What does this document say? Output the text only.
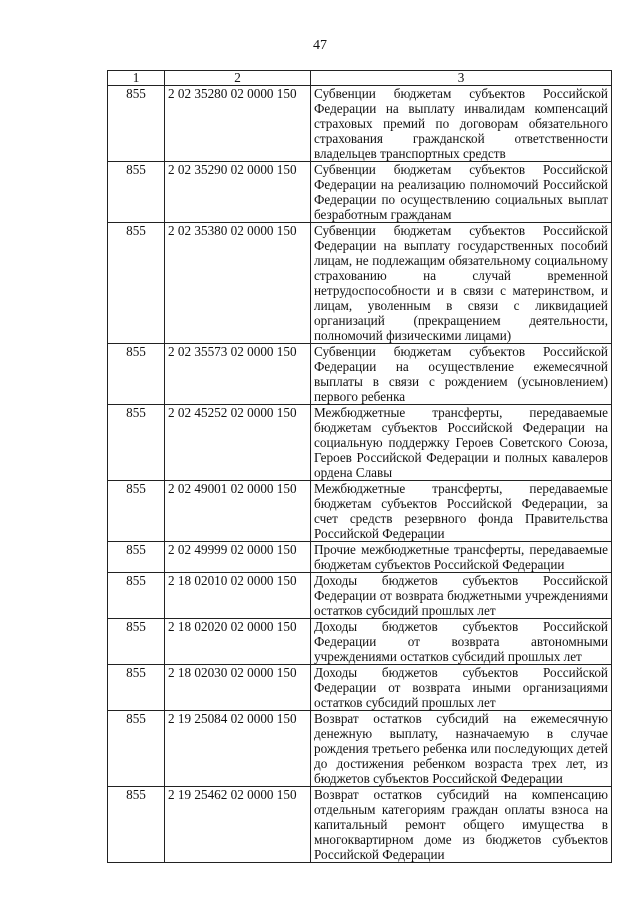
47
1	2	3
855	2 02 35280 02 0000 150	Субвенции бюджетам субъектов Российской Федерации на выплату инвалидам компенсаций страховых премий по договорам обязательного страхования гражданской ответственности владельцев транспортных средств
855	2 02 35290 02 0000 150	Субвенции бюджетам субъектов Российской Федерации на реализацию полномочий Российской Федерации по осуществлению социальных выплат безработным гражданам
855	2 02 35380 02 0000 150	Субвенции бюджетам субъектов Российской Федерации на выплату государственных пособий лицам, не подлежащим обязательному социальному страхованию на случай временной нетрудоспособности и в связи с материнством, и лицам, уволенным в связи с ликвидацией организаций (прекращением деятельности, полномочий физическими лицами)
855	2 02 35573 02 0000 150	Субвенции бюджетам субъектов Российской Федерации на осуществление ежемесячной выплаты в связи с рождением (усыновлением) первого ребенка
855	2 02 45252 02 0000 150	Межбюджетные трансферты, передаваемые бюджетам субъектов Российской Федерации на социальную поддержку Героев Советского Союза, Героев Российской Федерации и полных кавалеров ордена Славы
855	2 02 49001 02 0000 150	Межбюджетные трансферты, передаваемые бюджетам субъектов Российской Федерации, за счет средств резервного фонда Правительства Российской Федерации
855	2 02 49999 02 0000 150	Прочие межбюджетные трансферты, передаваемые бюджетам субъектов Российской Федерации
855	2 18 02010 02 0000 150	Доходы бюджетов субъектов Российской Федерации от возврата бюджетными учреждениями остатков субсидий прошлых лет
855	2 18 02020 02 0000 150	Доходы бюджетов субъектов Российской Федерации от возврата автономными учреждениями остатков субсидий прошлых лет
855	2 18 02030 02 0000 150	Доходы бюджетов субъектов Российской Федерации от возврата иными организациями остатков субсидий прошлых лет
855	2 19 25084 02 0000 150	Возврат остатков субсидий на ежемесячную денежную выплату, назначаемую в случае рождения третьего ребенка или последующих детей до достижения ребенком возраста трех лет, из бюджетов субъектов Российской Федерации
855	2 19 25462 02 0000 150	Возврат остатков субсидий на компенсацию отдельным категориям граждан оплаты взноса на капитальный ремонт общего имущества в многоквартирном доме из бюджетов субъектов Российской Федерации
